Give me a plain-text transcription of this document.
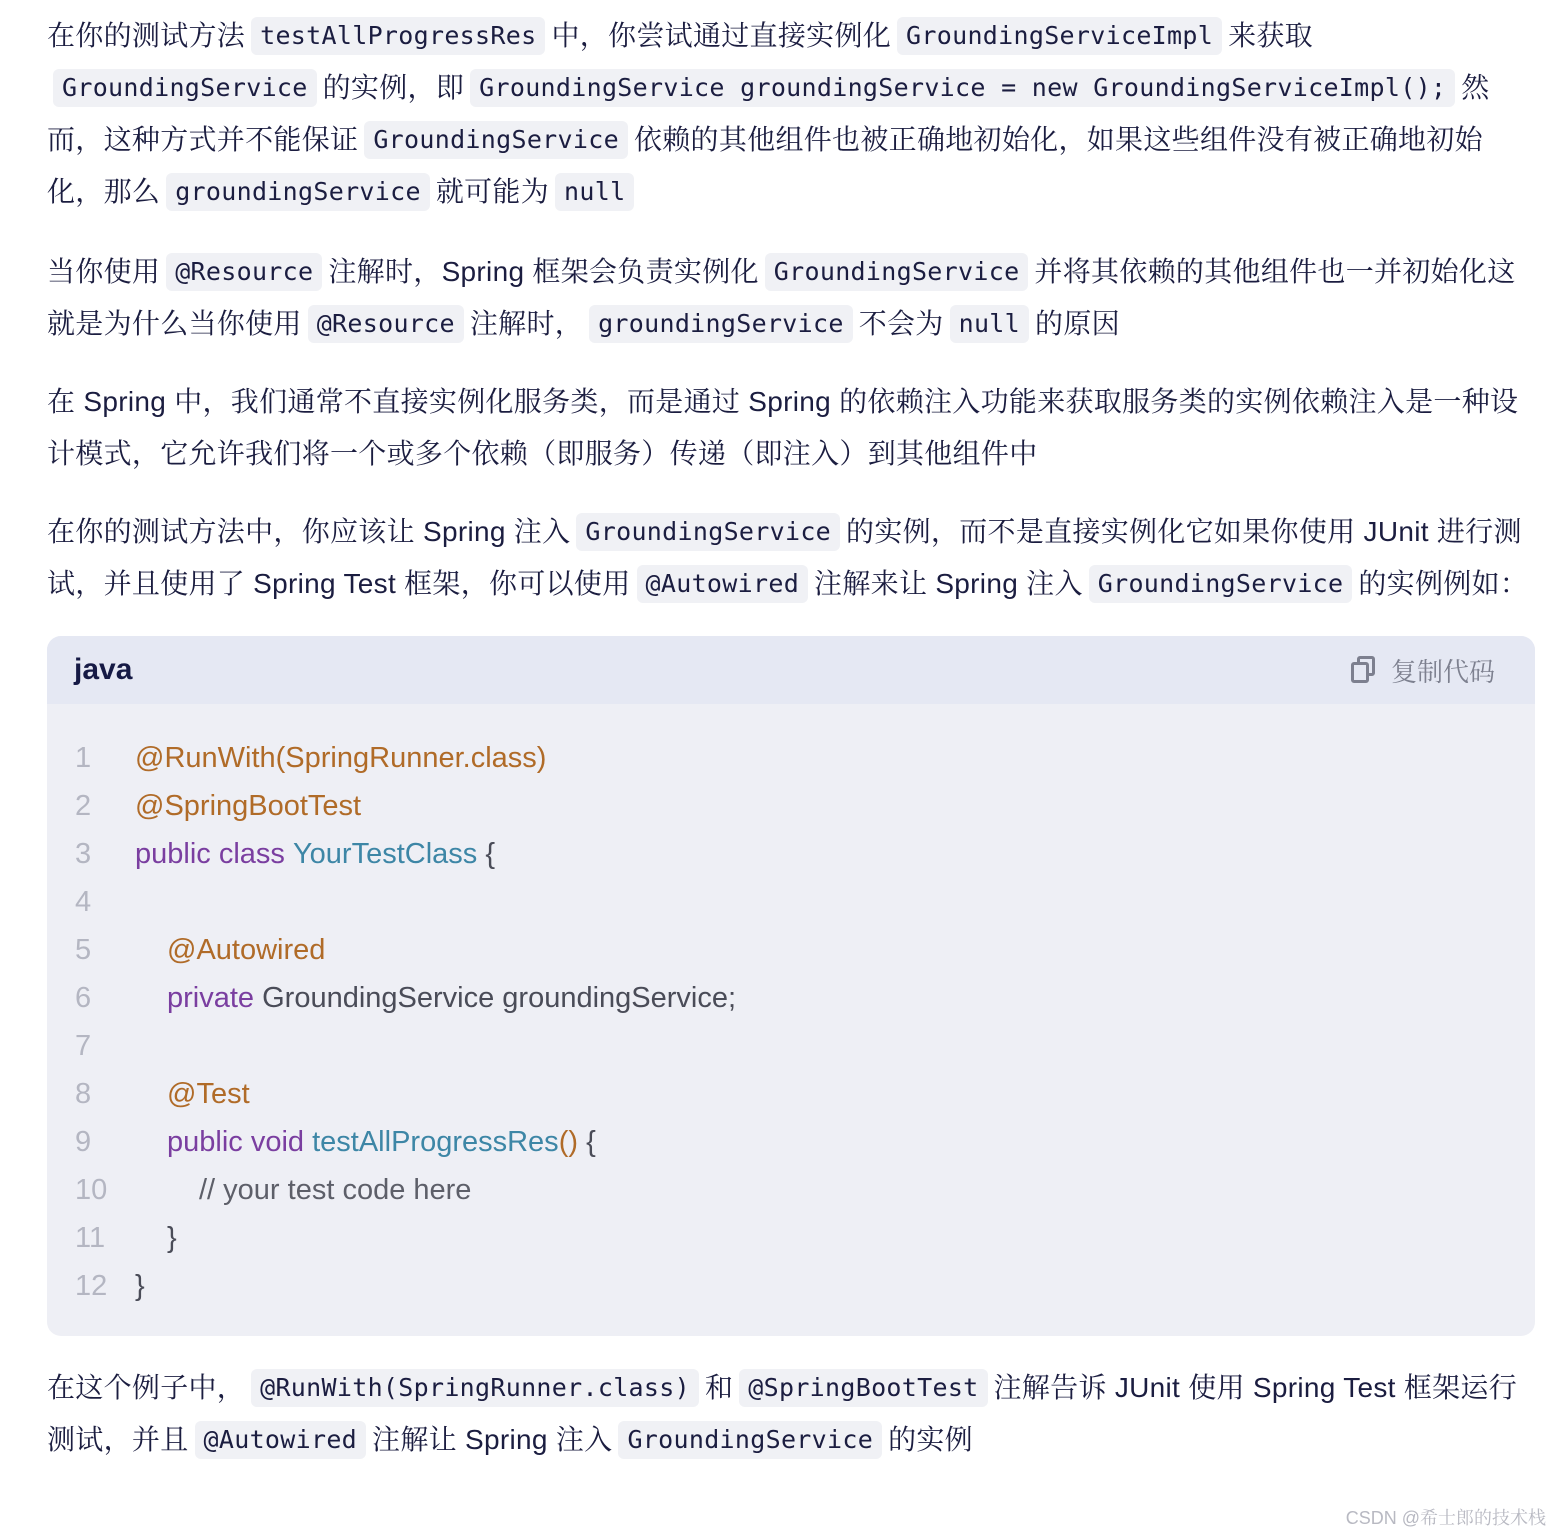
在你的测试方法 testAllProgressRes 中，你尝试通过直接实例化 GroundingServiceImpl 来获取GroundingService 的实例，即 GroundingService groundingService = new GroundingServiceImpl(); 然而，这种方式并不能保证 GroundingService 依赖的其他组件也被正确地初始化，如果这些组件没有被正确地初始化，那么 groundingService 就可能为 null

当你使用 @Resource 注解时，Spring 框架会负责实例化 GroundingService 并将其依赖的其他组件也一并初始化这就是为什么当你使用 @Resource 注解时， groundingService 不会为 null 的原因

在 Spring 中，我们通常不直接实例化服务类，而是通过 Spring 的依赖注入功能来获取服务类的实例依赖注入是一种设计模式，它允许我们将一个或多个依赖（即服务）传递（即注入）到其他组件中

在你的测试方法中，你应该让 Spring 注入 GroundingService 的实例，而不是直接实例化它如果你使用 JUnit 进行测试，并且使用了 Spring Test 框架，你可以使用 @Autowired 注解来让 Spring 注入 GroundingService 的实例例如：

java	复制代码
1	@RunWith(SpringRunner.class)
2	@SpringBootTest
3	public class
YourTestClass
{
4
5	@Autowired
6	private
GroundingService groundingService;
7
8	@Test
9	public void
testAllProgressRes ()
{
10	// your test code here
11	}
12 }

在这个例子中， @RunWith(SpringRunner.class) 和 @SpringBootTest 注解告诉 JUnit 使用 Spring Test 框架运行测试，并且 @Autowired 注解让 Spring 注入 GroundingService 的实例

CSDN @希士郎的技术栈
